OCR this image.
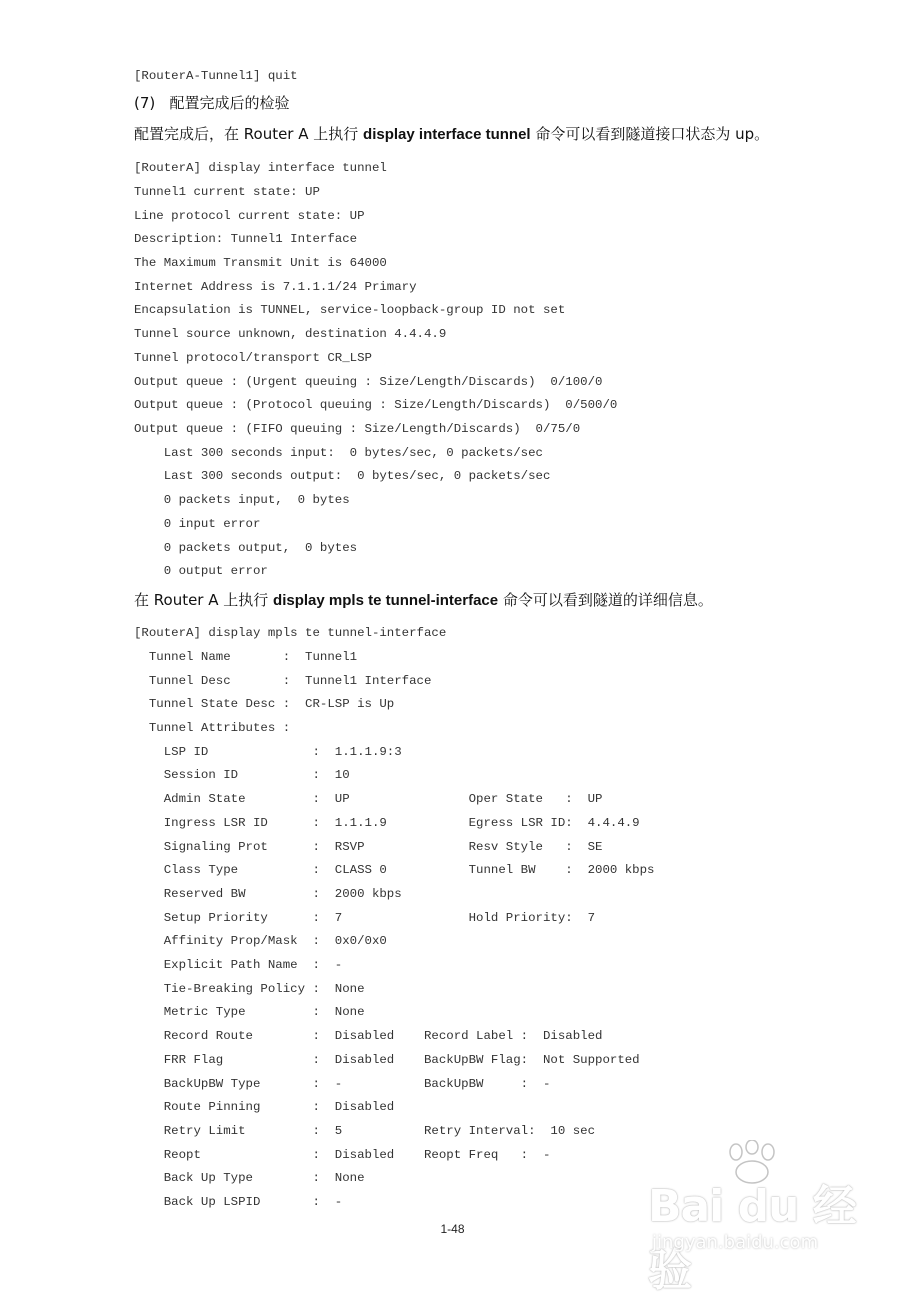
[RouterA-Tunnel1] quit
(7)   配置完成后的检验
配置完成后，在 Router A 上执行 display interface tunnel 命令可以看到隧道接口状态为 up。
[RouterA] display interface tunnel
Tunnel1 current state: UP
Line protocol current state: UP
Description: Tunnel1 Interface
The Maximum Transmit Unit is 64000
Internet Address is 7.1.1.1/24 Primary
Encapsulation is TUNNEL, service-loopback-group ID not set
Tunnel source unknown, destination 4.4.4.9
Tunnel protocol/transport CR_LSP
Output queue : (Urgent queuing : Size/Length/Discards)  0/100/0
Output queue : (Protocol queuing : Size/Length/Discards)  0/500/0
Output queue : (FIFO queuing : Size/Length/Discards)  0/75/0
Last 300 seconds input:  0 bytes/sec, 0 packets/sec
Last 300 seconds output:  0 bytes/sec, 0 packets/sec
0 packets input,  0 bytes
0 input error
0 packets output,  0 bytes
0 output error
在 Router A 上执行 display mpls te tunnel-interface 命令可以看到隧道的详细信息。
[RouterA] display mpls te tunnel-interface
Tunnel Name       :  Tunnel1
Tunnel Desc       :  Tunnel1 Interface
Tunnel State Desc :  CR-LSP is Up
Tunnel Attributes :
LSP ID              :  1.1.1.9:3
Session ID          :  10
Admin State         :  UP                Oper State   :  UP
Ingress LSR ID      :  1.1.1.9           Egress LSR ID:  4.4.4.9
Signaling Prot      :  RSVP              Resv Style   :  SE
Class Type          :  CLASS 0           Tunnel BW    :  2000 kbps
Reserved BW         :  2000 kbps
Setup Priority      :  7                 Hold Priority:  7
Affinity Prop/Mask  :  0x0/0x0
Explicit Path Name  :  -
Tie-Breaking Policy :  None
Metric Type         :  None
Record Route        :  Disabled    Record Label :  Disabled
FRR Flag            :  Disabled    BackUpBW Flag:  Not Supported
BackUpBW Type       :  -           BackUpBW     :  -
Route Pinning       :  Disabled
Retry Limit         :  5           Retry Interval:  10 sec
Reopt               :  Disabled    Reopt Freq   :  -
Back Up Type        :  None
Back Up LSPID       :  -
1-48	Bai du 经验
jingyan.baidu.com
